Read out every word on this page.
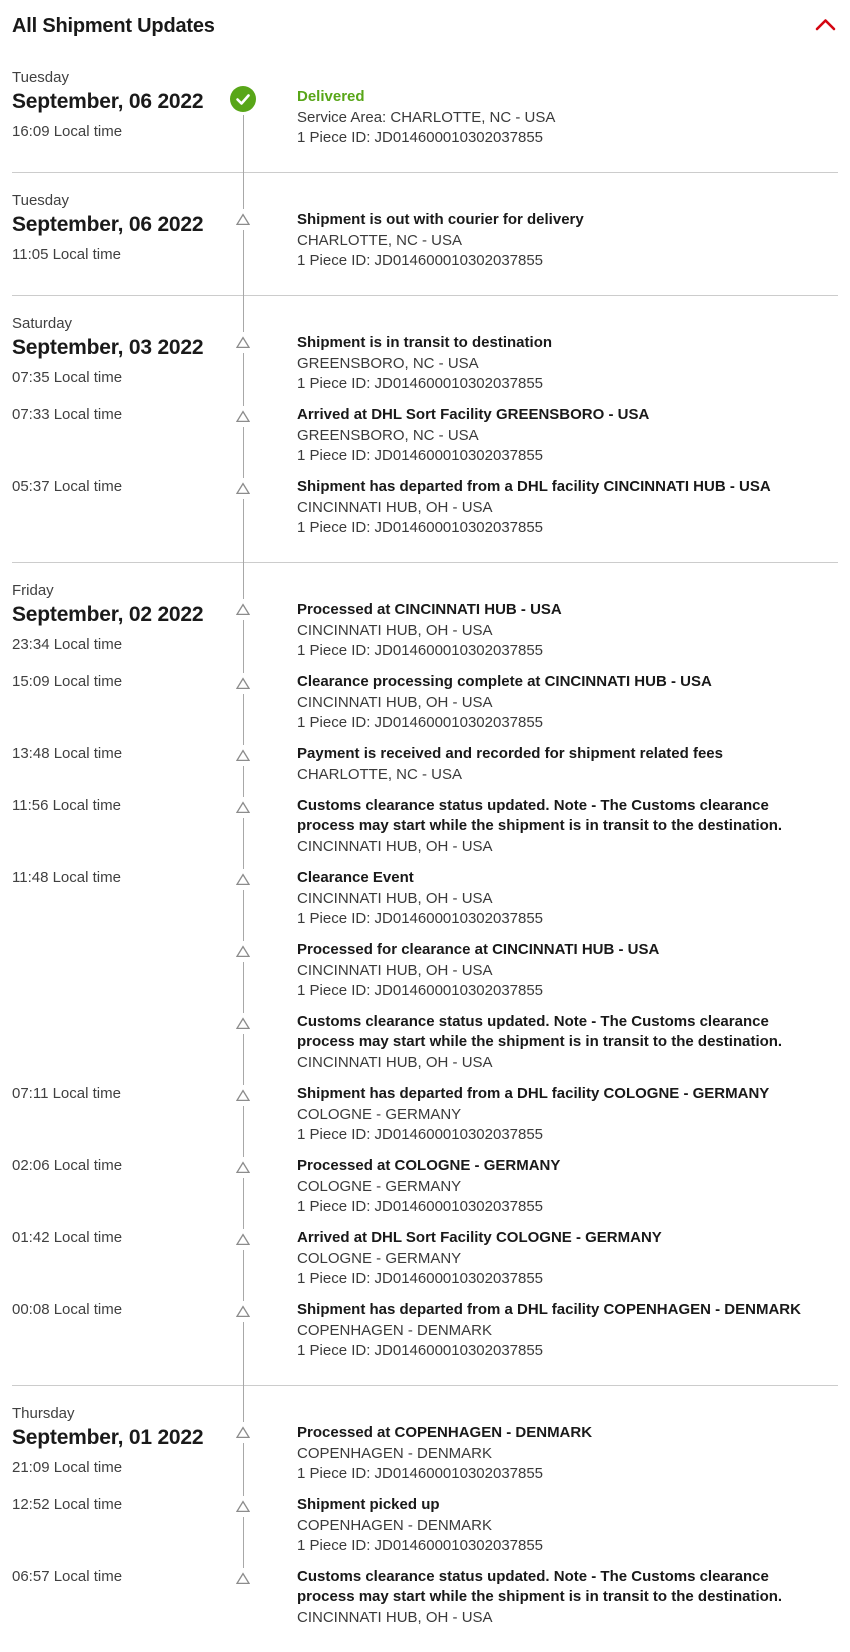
All Shipment Updates
Tuesday
September, 06 2022
16:09 Local time
Delivered
Service Area: CHARLOTTE, NC - USA
1 Piece ID: JD014600010302037855
Tuesday
September, 06 2022
11:05 Local time
Shipment is out with courier for delivery
CHARLOTTE, NC - USA
1 Piece ID: JD014600010302037855
Saturday
September, 03 2022
07:35 Local time
Shipment is in transit to destination
GREENSBORO, NC - USA
1 Piece ID: JD014600010302037855
07:33 Local time	Arrived at DHL Sort Facility GREENSBORO - USA
GREENSBORO, NC - USA
1 Piece ID: JD014600010302037855
05:37 Local time	Shipment has departed from a DHL facility CINCINNATI HUB - USA
CINCINNATI HUB, OH - USA
1 Piece ID: JD014600010302037855
Friday
September, 02 2022
23:34 Local time
Processed at CINCINNATI HUB - USA
CINCINNATI HUB, OH - USA
1 Piece ID: JD014600010302037855
15:09 Local time	Clearance processing complete at CINCINNATI HUB - USA
CINCINNATI HUB, OH - USA
1 Piece ID: JD014600010302037855
13:48 Local time	Payment is received and recorded for shipment related fees
CHARLOTTE, NC - USA
11:56 Local time	Customs clearance status updated. Note - The Customs clearance process may start while the shipment is in transit to the destination.
CINCINNATI HUB, OH - USA
11:48 Local time	Clearance Event
CINCINNATI HUB, OH - USA
1 Piece ID: JD014600010302037855
Processed for clearance at CINCINNATI HUB - USA
CINCINNATI HUB, OH - USA
1 Piece ID: JD014600010302037855
Customs clearance status updated. Note - The Customs clearance process may start while the shipment is in transit to the destination.
CINCINNATI HUB, OH - USA
07:11 Local time	Shipment has departed from a DHL facility COLOGNE - GERMANY
COLOGNE - GERMANY
1 Piece ID: JD014600010302037855
02:06 Local time	Processed at COLOGNE - GERMANY
COLOGNE - GERMANY
1 Piece ID: JD014600010302037855
01:42 Local time	Arrived at DHL Sort Facility COLOGNE - GERMANY
COLOGNE - GERMANY
1 Piece ID: JD014600010302037855
00:08 Local time	Shipment has departed from a DHL facility COPENHAGEN - DENMARK
COPENHAGEN - DENMARK
1 Piece ID: JD014600010302037855
Thursday
September, 01 2022
21:09 Local time
Processed at COPENHAGEN - DENMARK
COPENHAGEN - DENMARK
1 Piece ID: JD014600010302037855
12:52 Local time	Shipment picked up
COPENHAGEN - DENMARK
1 Piece ID: JD014600010302037855
06:57 Local time	Customs clearance status updated. Note - The Customs clearance process may start while the shipment is in transit to the destination.
CINCINNATI HUB, OH - USA
